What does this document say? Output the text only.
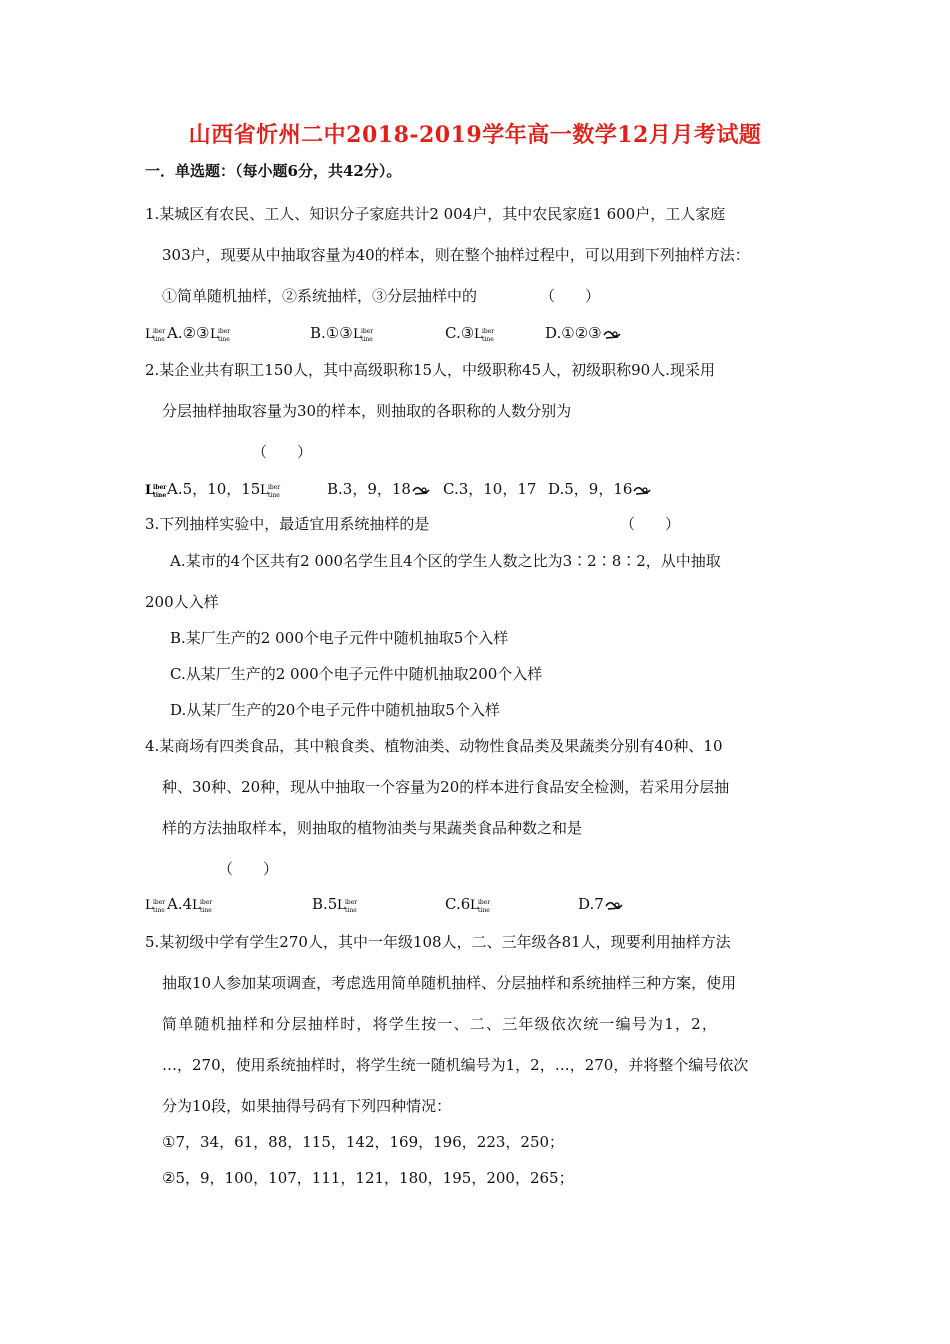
山西省忻州二中2018-2019学年高一数学12月月考试题
一．单选题：（每小题6分，共42分）。
1.某城区有农民、工人、知识分子家庭共计2 004户，其中农民家庭1 600户，工人家庭
303户，现要从中抽取容量为40的样本，则在整个抽样过程中，可以用到下列抽样方法：
①简单随机抽样，②系统抽样，③分层抽样中的	（　　）
L iber
tine A.②③ L iber
tine	B.①③ L iber
tine	C.③ L iber
tine	D.①②③
2.某企业共有职工150人，其中高级职称15人，中级职称45人，初级职称90人.现采用
分层抽样抽取容量为30的样本，则抽取的各职称的人数分别为
（　　）
L
iber
tine A.5，10，15 L iber
tine	B.3，9，18	C.3，10，17 D.5，9，16
3.下列抽样实验中，最适宜用系统抽样的是	（　　）
A.某市的4个区共有2 000名学生且4个区的学生人数之比为3∶2∶8∶2，从中抽取
200人入样
B.某厂生产的2 000个电子元件中随机抽取5个入样
C.从某厂生产的2 000个电子元件中随机抽取200个入样
D.从某厂生产的20个电子元件中随机抽取5个入样
4.某商场有四类食品，其中粮食类、植物油类、动物性食品类及果蔬类分别有40种、10
种、30种、20种，现从中抽取一个容量为20的样本进行食品安全检测，若采用分层抽
样的方法抽取样本，则抽取的植物油类与果蔬类食品种数之和是
（　　）
L iber
tine A.4 L iber
tine	B.5 L iber
tine	C.6 L iber
tine	D.7
5.某初级中学有学生270人，其中一年级108人，二、三年级各81人，现要利用抽样方法
抽取10人参加某项调查，考虑选用简单随机抽样、分层抽样和系统抽样三种方案，使用
简单随机抽样和分层抽样时，将学生按一、二、三年级依次统一编号为1，2，
…，270，使用系统抽样时，将学生统一随机编号为1，2，…，270，并将整个编号依次
分为10段，如果抽得号码有下列四种情况：
①7，34，61，88，115，142，169，196，223，250；
②5，9，100，107，111，121，180，195，200，265；
